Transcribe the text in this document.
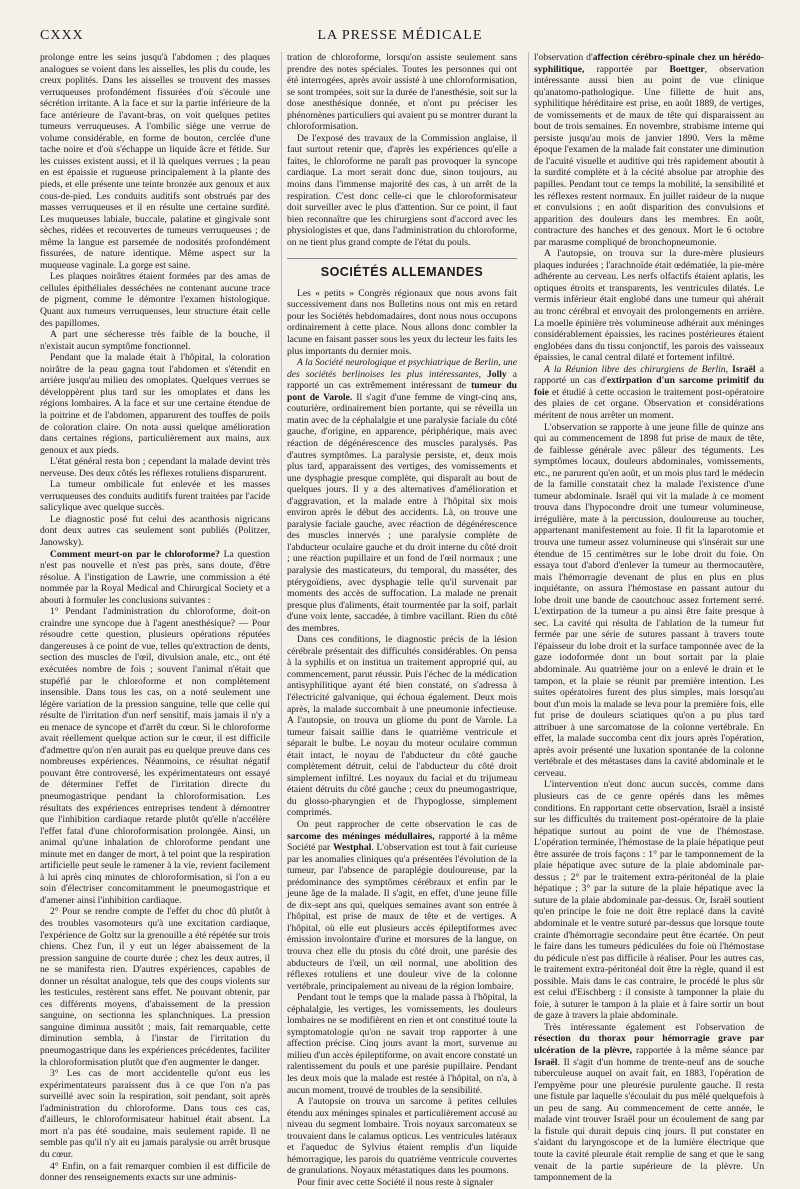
CXXX	LA PRESSE MÉDICALE

prolonge entre les seins jusqu'à l'abdomen ; des plaques analogues se voient dans les aisselles, les plis du coude, les creux poplités. Dans les aisselles se trouvent des masses verruqueuses profondément fissurées d'où s'écoule une sécrétion irritante. A la face et sur la partie inférieure de la face antérieure de l'avant-bras, on voit quelques petites tumeurs verruqueuses. A l'ombilic siège une verrue de volume considérable, en forme de bouton, cerclée d'une tache noire et d'où s'échappe un liquide âcre et fétide. Sur les cuisses existent aussi, et il là quelques verrues ; la peau en est épaissie et rugueuse principalement à la plante des pieds, et elle présente une teinte bronzée aux genoux et aux cous-de-pied. Les conduits auditifs sont obstrués par des masses verruqueuses et il en résulte une certaine surdité. Les muqueuses labiale, buccale, palatine et gingivale sont sèches, ridées et recouvertes de tumeurs verruqueuses ; de même la langue est parsemée de nodosités profondément fissurées, de nature identique. Même aspect sur la muqueuse vaginale. La gorge est saine.

Les plaques noirâtres étaient formées par des amas de cellules épithéliales desséchées ne contenant aucune trace de pigment, comme le démontre l'examen histologique. Quant aux tumeurs verruqueuses, leur structure était celle des papillomes.

A part une sécheresse très faible de la bouche, il n'existait aucun symptôme fonctionnel.

Pendant que la malade était à l'hôpital, la coloration noirâtre de la peau gagna tout l'abdomen et s'étendit en arrière jusqu'au milieu des omoplates. Quelques verrues se développèrent plus tard sur les omoplates et dans les régions lombaires. A la face et sur une certaine étendue de la poitrine et de l'abdomen, apparurent des touffes de poils de coloration claire. On nota aussi quelque amélioration dans certaines régions, particulièrement aux mains, aux genoux et aux pieds.

L'état général resta bon ; cependant la malade devint très nerveuse. Des deux côtés les réflexes rotuliens disparurent.

La tumeur ombilicale fut enlevée et les masses verruqueuses des conduits auditifs furent traitées par l'acide salicylique avec quelque succès.

Le diagnostic posé fut celui des acanthosis nigricans dont deux autres cas seulement sont publiés (Politzer, Janowsky).

Comment meurt-on par le chloroforme? La question n'est pas nouvelle et n'est pas près, sans doute, d'être résolue. A l'instigation de Lawrie, une commission a été nommée par la Royal Medical and Chirurgical Society et a abouti à formuler les conclusions suivantes :

1° Pendant l'administration du chloroforme, doit-on craindre une syncope due à l'agent anesthésique? — Pour résoudre cette question, plusieurs opérations réputées dangereuses à ce point de vue, telles qu'extraction de dents, section des muscles de l'œil, divulsion anale, etc., ont été exécutées nombre de fois ; souvent l'animal n'était que stupéfié par le chloroforme et non complètement insensible. Dans tous les cas, on a noté seulement une légère variation de la pression sanguine, telle que celle qui résulte de l'irritation d'un nerf sensitif, mais jamais il n'y a eu menace de syncope et d'arrêt du cœur. Si le chloroforme avait réellement quelque action sur le cœur, il est difficile d'admettre qu'on n'en aurait pas eu quelque preuve dans ces nombreuses expériences. Néanmoins, ce résultat négatif pouvant être controversé, les expérimentateurs ont essayé de déterminer l'effet de l'irritation directe du pneumogastrique pendant la chloroformisation. Les résultats des expériences entreprises tendent à démontrer que l'inhibition cardiaque retarde plutôt qu'elle n'accélère l'effet fatal d'une chloroformisation prolongée. Ainsi, un animal qu'une inhalation de chloroforme pendant une minute met en danger de mort, à tel point que la respiration artificielle peut seule le ramener à la vie, revient facilement à lui après cinq minutes de chloroformisation, si l'on a eu soin d'électriser concomitamment le pneumogastrique et d'amener ainsi l'inhibition cardiaque.

2° Pour se rendre compte de l'effet du choc dû plutôt à des troubles vasomoteurs qu'à une excitation cardiaque, l'expérience de Goltz sur la grenouille a été répétée sur trois chiens. Chez l'un, il y eut un léger abaissement de la pression sanguine de courte durée ; chez les deux autres, il ne se manifesta rien. D'autres expériences, capables de donner un résultat analogue, tels que des coups violents sur les testicules, restèrent sans effet. Ne pouvant obtenir, par ces différents moyens, d'abaissement de la pression sanguine, on sectionna les splanchniques. La pression sanguine diminua aussitôt ; mais, fait remarquable, cette diminution sembla, à l'instar de l'irritation du pneumogastrique dans les expériences précédentes, faciliter la chloroformisation plutôt que d'en augmenter le danger.

3° Les cas de mort accidentelle qu'ont eus les expérimentateurs paraissent dus à ce que l'on n'a pas surveillé avec soin la respiration, soit pendant, soit après l'administration du chloroforme. Dans tous ces cas, d'ailleurs, le chloroformisateur habituel était absent. La mort n'a pas été soudaine, mais seulement rapide. Il ne semble pas qu'il n'y ait eu jamais paralysie ou arrêt brusque du cœur.

4° Enfin, on a fait remarquer combien il est difficile de donner des renseignements exacts sur une adminis-

tration de chloroforme, lorsqu'on assiste seulement sans prendre des notes spéciales. Toutes les personnes qui ont été interrogées, après avoir assisté à une chloroformisation, se sont trompées, soit sur la durée de l'anesthésie, soit sur la dose anesthésique donnée, et n'ont pu préciser les phénomènes particuliers qui avaient pu se montrer durant la chloroformisation.

De l'exposé des travaux de la Commission anglaise, il faut surtout retenir que, d'après les expériences qu'elle a faites, le chloroforme ne paraît pas provoquer la syncope cardiaque. La mort serait donc due, sinon toujours, au moins dans l'immense majorité des cas, à un arrêt de la respiration. C'est donc celle-ci que le chloroformisateur doit surveiller avec le plus d'attention. Sur ce point, il faut bien reconnaître que les chirurgiens sont d'accord avec les physiologistes et que, dans l'administration du chloroforme, on ne tient plus grand compte de l'état du pouls.

SOCIÉTÉS ALLEMANDES

Les « petits » Congrès régionaux que nous avons fait successivement dans nos Bulletins nous ont mis en retard pour les Sociétés hebdomadaires, dont nous nous occupons ordinairement à cette place. Nous allons donc combler la lacune en faisant passer sous les yeux du lecteur les faits les plus importants du dernier mois.

A la Société neurologique et psychiatrique de Berlin, une des sociétés berlinoises les plus intéressantes, Jolly a rapporté un cas extrêmement intéressant de tumeur du pont de Varole. Il s'agit d'une femme de vingt-cinq ans, couturière, ordinairement bien portante, qui se réveilla un matin avec de la céphalalgie et une paralysie faciale du côté gauche, d'origine, en apparence, périphérique, mais avec réaction de dégénérescence des muscles paralysés. Pas d'autres symptômes. La paralysie persiste, et, deux mois plus tard, apparaissent des vertiges, des vomissements et une dysphagie presque complète, qui disparaît au bout de quelques jours. Il y a des alternatives d'amélioration et d'aggravation, et la malade entre à l'hôpital six mois environ après le début des accidents. Là, on trouve une paralysie faciale gauche, avec réaction de dégénérescence des muscles innervés ; une paralysie complète de l'abducteur oculaire gauche et du droit interne du côté droit ; une réaction pupillaire et un fond de l'œil normaux ; une paralysie des masticateurs, du temporal, du masséter, des ptérygoïdiens, avec dysphagie telle qu'il survenait par moments des accès de suffocation. La malade ne prenait presque plus d'aliments, était tourmentée par la soif, parlait d'une voix lente, saccadée, à timbre vacillant. Rien du côté des membres.

Dans ces conditions, le diagnostic précis de la lésion cérébrale présentait des difficultés considérables. On pensa à la syphilis et on institua un traitement approprié qui, au commencement, parut réussir. Puis l'échec de la médication antisyphilitique ayant été bien constaté, on s'adressa à l'électricité galvanique, qui échoua également. Deux mois après, la malade succombait à une pneumonie infectieuse. A l'autopsie, on trouva un gliome du pont de Varole. La tumeur faisait saillie dans le quatrième ventricule et séparait le bulbe. Le noyau du moteur oculaire commun était intact, le noyau de l'abducteur du côté gauche complètement détruit, celui de l'abducteur du côté droit simplement infiltré. Les noyaux du facial et du trijumeau étaient détruits du côté gauche ; ceux du pneumogastrique, du glosso-pharyngien et de l'hypoglosse, simplement comprimés.

On peut rapprocher de cette observation le cas de sarcome des méninges médullaires, rapporté à la même Société par Westphal. L'observation est tout à fait curieuse par les anomalies cliniques qu'a présentées l'évolution de la tumeur, par l'absence de paraplégie douloureuse, par la prédominance des symptômes cérébraux et enfin par le jeune âge de la malade. Il s'agit, en effet, d'une jeune fille de dix-sept ans qui, quelques semaines avant son entrée à l'hôpital, est prise de maux de tête et de vertiges. A l'hôpital, où elle eut plusieurs accès épileptiformes avec émission involontaire d'urine et morsures de la langue, on trouva chez elle du ptosis du côté droit, une parésie des abducteurs de l'œil, un œil normal, une abolition des réflexes rotuliens et une douleur vive de la colonne vertébrale, principalement au niveau de la région lombaire.

Pendant tout le temps que la malade passa à l'hôpital, la céphalalgie, les vertiges, les vomissements, les douleurs lombaires ne se modifièrent en rien et ont constitué toute la symptomatologie qu'on ne savait trop rapporter à une affection précise. Cinq jours avant la mort, survenue au milieu d'un accès épileptiforme, on avait encore constaté un ralentissement du pouls et une parésie pupillaire. Pendant les deux mois que la malade est restée à l'hôpital, on n'a, à aucun moment, trouvé de troubles de la sensibilité.

A l'autopsie on trouva un sarcome à petites cellules étendu aux méninges spinales et particulièrement accusé au niveau du segment lombaire. Trois noyaux sarcomateux se trouvaient dans le calamus opticus. Les ventricules latéraux et l'aqueduc de Sylvius étaient remplis d'un liquide hémorragique, les parois du quatrième ventricule couvertes de granulations. Noyaux métastatiques dans les poumons.

Pour finir avec cette Société il nous reste à signaler

l'observation d'affection cérébro-spinale chez un hérédo-syphilitique, rapportée par Boettger, observation intéressante aussi bien au point de vue clinique qu'anatomo-pathologique. Une fillette de huit ans, syphilitique héréditaire est prise, en août 1889, de vertiges, de vomissements et de maux de tête qui disparaissent au bout de trois semaines. En novembre, strabisme interne qui persiste jusqu'au mois de janvier 1890. Vers la même époque l'examen de la malade fait constater une diminution de l'acuité visuelle et auditive qui très rapidement aboutit à la surdité complète et à la cécité absolue par atrophie des papilles. Pendant tout ce temps la mobilité, la sensibilité et les réflexes restent normaux. En juillet raideur de la nuque et convulsions ; en août disparition des convulsions et apparition des douleurs dans les membres. En août, contracture des hanches et des genoux. Mort le 6 octobre par marasme compliqué de bronchopneumonie.

A l'autopsie, on trouva sur la dure-mère plusieurs plaques indurées ; l'arachnoïde était œdématiée, la pie-mère adhérente au cerveau. Les nerfs olfactifs étaient aplatis, les optiques étroits et transparents, les ventricules dilatés. Le vermis inférieur était englobé dans une tumeur qui ahérait au tronc cérébral et envoyait des prolongements en arrière. La moelle épinière très volumineuse adhérait aux méninges considérablement épaissies, les racines postérieures étaient englobées dans du tissu conjonctif, les parois des vaisseaux épaissies, le canal central dilaté et fortement infiltré.

A la Réunion libre des chirurgiens de Berlin, Israël a rapporté un cas d'extirpation d'un sarcome primitif du foie et étudié à cette occasion le traitement post-opératoire des plaies de cet organe. Observation et considérations méritent de nous arrêter un moment.

L'observation se rapporte à une jeune fille de quinze ans qui au commencement de 1898 fut prise de maux de tête, de faiblesse générale avec pâleur des téguments. Les symptômes locaux, douleurs abdominales, vomissements, etc., ne parurent qu'en août, et un mois plus tard le médecin de la famille constatait chez la malade l'existence d'une tumeur abdominale. Israël qui vit la malade à ce moment trouva dans l'hypocondre droit une tumeur volumineuse, irrégulière, mate à la percussion, douloureuse au toucher, appartenant manifestement au foie. Il fit la laparotomie et trouva une tumeur assez volumineuse qui s'insérait sur une étendue de 15 centimètres sur le lobe droit du foie. On essaya tout d'abord d'enlever la tumeur au thermocautère, mais l'hémorragie devenant de plus en plus en plus inquiétante, on assura l'hémostase en passant autour du lobe droit une bande de caoutchouc assez fortement serré. L'extirpation de la tumeur a pu ainsi être faite presque à sec. La cavité qui résulta de l'ablation de la tumeur fut fermée par une série de sutures passant à travers toute l'épaisseur du lobe droit et la surface tamponnée avec de la gaze iodoformée dont un bout sortait par la plaie abdominale. Au quatrième jour on a enlevé le drain et le tampon, et la plaie se réunit par première intention. Les suites opératoires furent des plus simples, mais lorsqu'au bout d'un mois la malade se leva pour la première fois, elle fut prise de douleurs sciatiques qu'on a pu plus tard attribuer à une sarcomatose de la colonne vertébrale. En effet, la malade succomba cent dix jours après l'opération, après avoir présenté une luxation spontanée de la colonne vertébrale et des métastases dans la cavité abdominale et le cerveau.

L'intervention n'eut donc aucun succès, comme dans plusieurs cas de ce genre opérés dans les mêmes conditions. En rapportant cette observation, Israël a insisté sur les difficultés du traitement post-opératoire de la plaie hépatique surtout au point de vue de l'hémostase. L'opération terminée, l'hémostase de la plaie hépatique peut être assurée de trois façons : 1° par le tamponnement de la plaie hépatique avec suture de la plaie abdominale par-dessus ; 2° par le traitement extra-péritonéal de la plaie hépatique ; 3° par la suture de la plaie hépatique avec la suture de la plaie abdominale par-dessus. Or, Israël soutient qu'en principe le foie ne doit être replacé dans la cavité abdominale et le ventre suturé par-dessus que lorsque toute crainte d'hémorragie secondaire peut être écartée. On peut le faire dans les tumeurs pédiculées du foie où l'hémostase du pédicule n'est pas difficile à réaliser. Pour les autres cas, le traitement extra-péritonéal doit être la règle, quand il est possible. Mais dans le cas contraire, le procédé le plus sûr est celui d'Eischberg : il consiste à tamponner la plaie du foie, à suturer le tampon à la plaie et à faire sortir un bout de gaze à travers la plaie abdominale.

Très intéressante également est l'observation de résection du thorax pour hémorragie grave par ulcération de la plèvre, rapportée à la même séance par Israël. Il s'agit d'un homme de trente-neuf ans de souche tuberculeuse auquel on avait fait, en 1883, l'opération de l'empyème pour une pleurésie purulente gauche. Il resta une fistule par laquelle s'écoulait du pus mêlé quelquefois à un peu de sang. Au commencement de cette année, le malade vint trouver Israël pour un écoulement de sang par la fistule qui durait depuis cinq jours. Il put constater en s'aidant du laryngoscope et de la lumière électrique que toute la cavité pleurale était remplie de sang et que le sang venait de la partie supérieure de la plèvre. Un tamponnement de la
